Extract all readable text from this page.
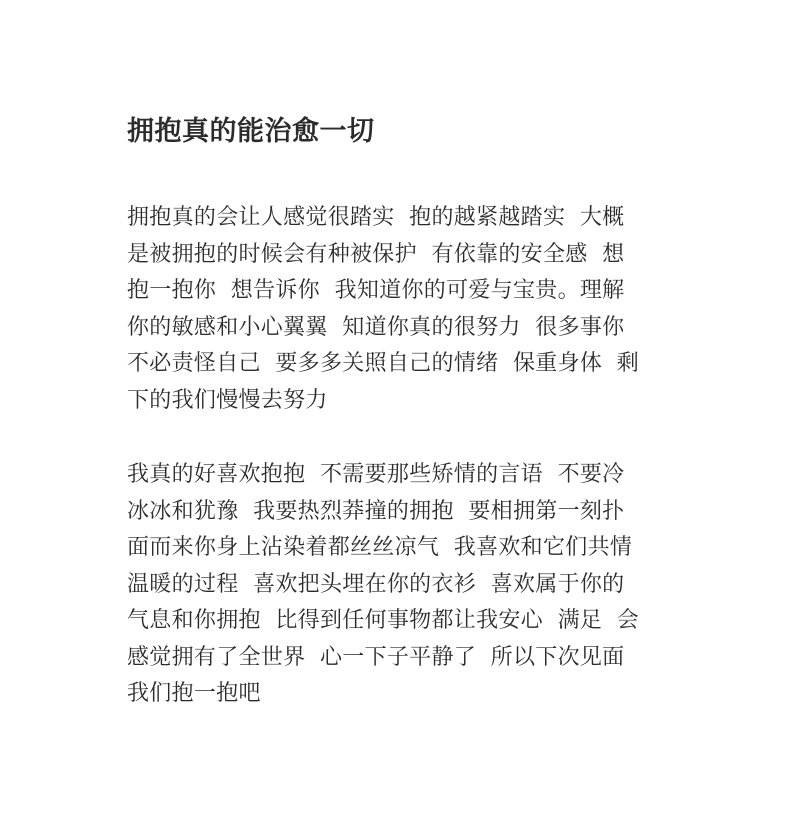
拥抱真的能治愈一切
拥抱真的会让人感觉很踏实  抱的越紧越踏实  大概
是被拥抱的时候会有种被保护  有依靠的安全感  想
抱一抱你  想告诉你  我知道你的可爱与宝贵。理解
你的敏感和小心翼翼  知道你真的很努力  很多事你
不必责怪自己  要多多关照自己的情绪  保重身体  剩
下的我们慢慢去努力
我真的好喜欢抱抱  不需要那些矫情的言语  不要冷
冰冰和犹豫  我要热烈莽撞的拥抱  要相拥第一刻扑
面而来你身上沾染着都丝丝凉气  我喜欢和它们共情
温暖的过程  喜欢把头埋在你的衣衫  喜欢属于你的
气息和你拥抱  比得到任何事物都让我安心  满足  会
感觉拥有了全世界  心一下子平静了  所以下次见面
我们抱一抱吧
